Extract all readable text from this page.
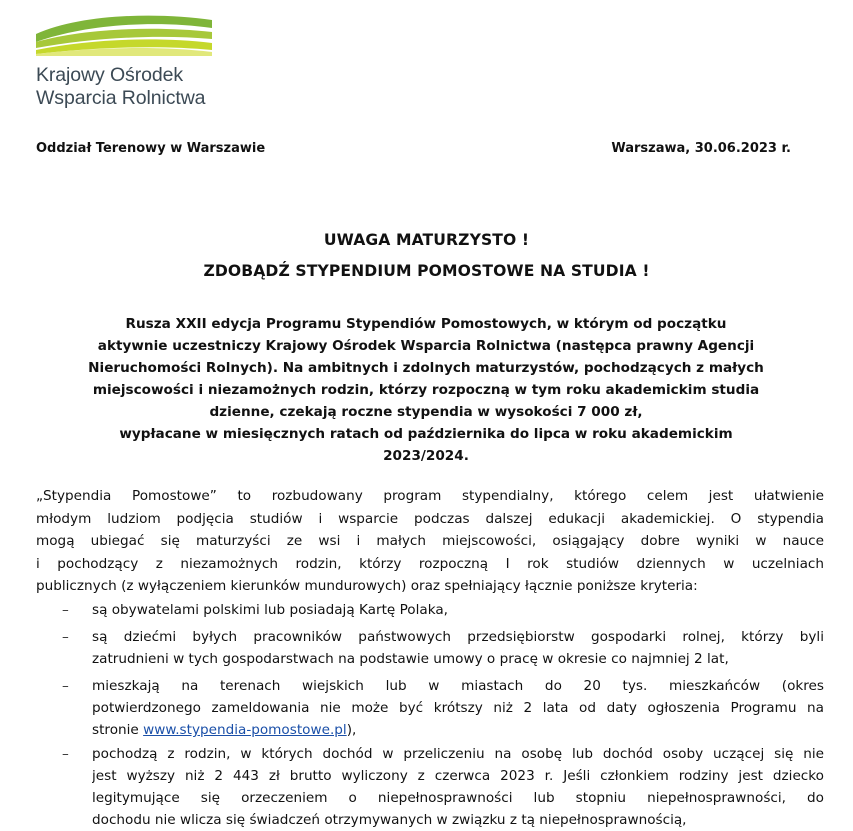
Krajowy Ośrodek
Wsparcia Rolnictwa
Oddział Terenowy w Warszawie	Warszawa, 30.06.2023 r.
UWAGA MATURZYSTO !
ZDOBĄDŹ STYPENDIUM POMOSTOWE NA STUDIA !
Rusza XXII edycja Programu Stypendiów Pomostowych, w którym od początku
aktywnie uczestniczy Krajowy Ośrodek Wsparcia Rolnictwa (następca prawny Agencji
Nieruchomości Rolnych). Na ambitnych i zdolnych maturzystów, pochodzących z małych
miejscowości i niezamożnych rodzin, którzy rozpoczną w tym roku akademickim studia
dzienne, czekają roczne stypendia w wysokości 7 000 zł,
wypłacane w miesięcznych ratach od października do lipca w roku akademickim
2023/2024.
„Stypendia Pomostowe” to rozbudowany program stypendialny, którego celem jest ułatwienie
młodym ludziom podjęcia studiów i wsparcie podczas dalszej edukacji akademickiej. O stypendia
mogą ubiegać się maturzyści ze wsi i małych miejscowości, osiągający dobre wyniki w nauce
i pochodzący z niezamożnych rodzin, którzy rozpoczną I rok studiów dziennych w uczelniach
publicznych (z wyłączeniem kierunków mundurowych) oraz spełniający łącznie poniższe kryteria:
– są obywatelami polskimi lub posiadają Kartę Polaka,
– są dziećmi byłych pracowników państwowych przedsiębiorstw gospodarki rolnej, którzy byli
zatrudnieni w tych gospodarstwach na podstawie umowy o pracę w okresie co najmniej 2 lat,
– mieszkają na terenach wiejskich lub w miastach do 20 tys. mieszkańców (okres
potwierdzonego zameldowania nie może być krótszy niż 2 lata od daty ogłoszenia Programu na
stronie www.stypendia-pomostowe.pl),
– pochodzą z rodzin, w których dochód w przeliczeniu na osobę lub dochód osoby uczącej się nie
jest wyższy niż 2 443 zł brutto wyliczony z czerwca 2023 r. Jeśli członkiem rodziny jest dziecko
legitymujące się orzeczeniem o niepełnosprawności lub stopniu niepełnosprawności, do
dochodu nie wlicza się świadczeń otrzymywanych w związku z tą niepełnosprawnością,
